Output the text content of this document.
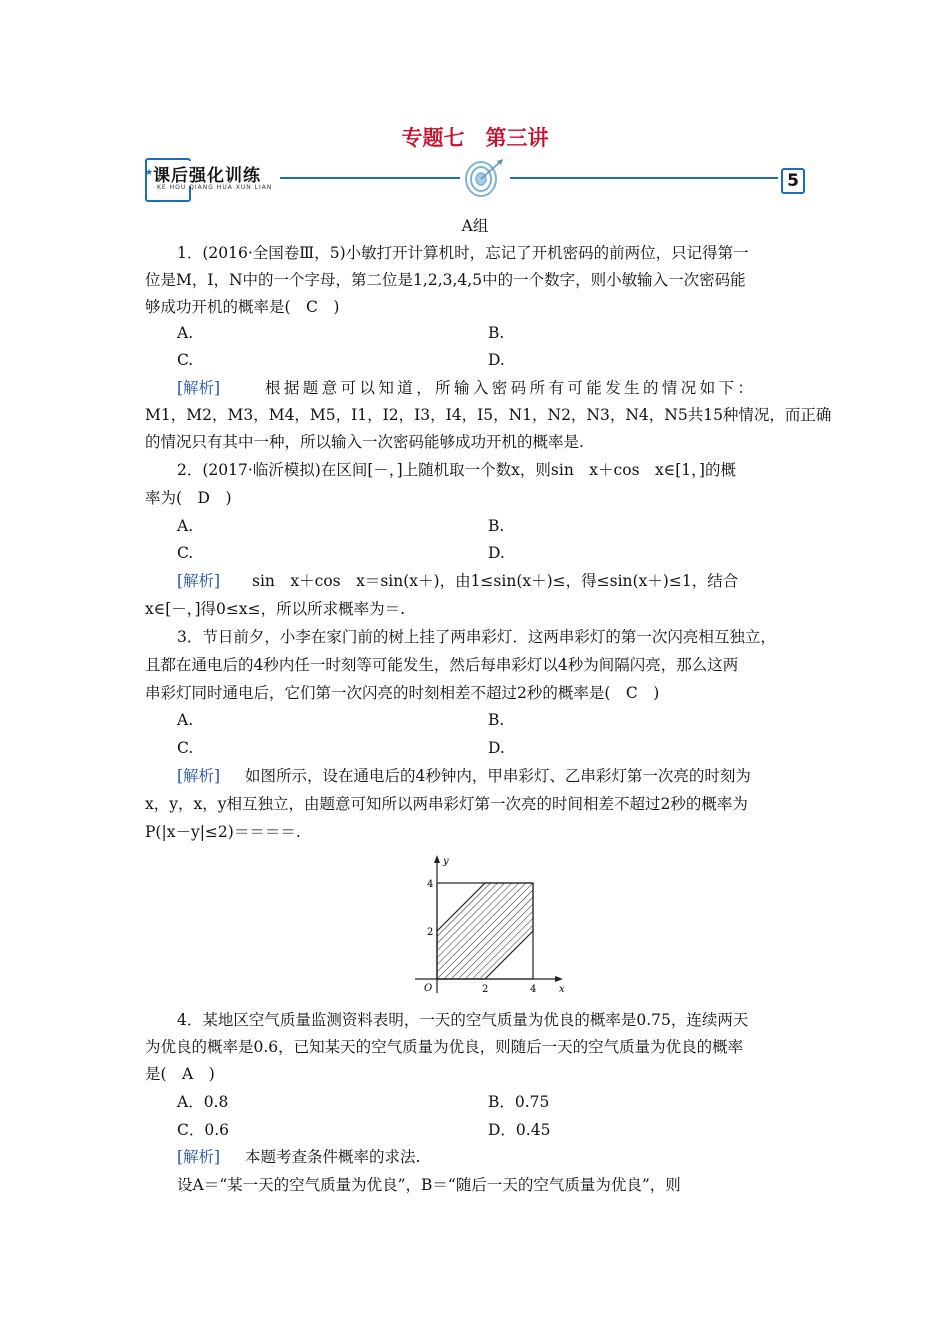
专题七　第三讲
★ 课后强化训练
KE HOU QIANG HUA XUN LIAN	5
A组
1．(2016·全国卷Ⅲ，5)小敏打开计算机时，忘记了开机密码的前两位，只记得第一
位是M，I，N中的一个字母，第二位是1,2,3,4,5中的一个数字，则小敏输入一次密码能
够成功开机的概率是(　C　)
A.	B.
C.	D.
[解析]	根据题意可以知道，所输入密码所有可能发生的情况如下：
M1，M2，M3，M4，M5，I1，I2，I3，I4，I5，N1，N2，N3，N4，N5共15种情况，而正确
的情况只有其中一种，所以输入一次密码能够成功开机的概率是.
2．(2017·临沂模拟)在区间[－，]上随机取一个数x，则sin　x＋cos　x∈[1，]的概
率为(　D　)
A.	B.
C.	D.
[解析] sin　x＋cos　x＝sin(x＋)，由1≤sin(x＋)≤，得≤sin(x＋)≤1，结合
x∈[－，]得0≤x≤，所以所求概率为＝.
3．节日前夕，小李在家门前的树上挂了两串彩灯．这两串彩灯的第一次闪亮相互独立，
且都在通电后的4秒内任一时刻等可能发生，然后每串彩灯以4秒为间隔闪亮，那么这两
串彩灯同时通电后，它们第一次闪亮的时刻相差不超过2秒的概率是(　C　)
A.	B.
C.	D.
[解析] 如图所示，设在通电后的4秒钟内，甲串彩灯、乙串彩灯第一次亮的时刻为
x，y，x，y相互独立，由题意可知所以两串彩灯第一次亮的时间相差不超过2秒的概率为
P(|x－y|≤2)＝＝＝＝.
y
x
O
4
2
2	4
4．某地区空气质量监测资料表明，一天的空气质量为优良的概率是0.75，连续两天
为优良的概率是0.6，已知某天的空气质量为优良，则随后一天的空气质量为优良的概率
是(　A　)
A．0.8	B．0.75
C．0.6	D．0.45
[解析] 本题考查条件概率的求法.
设A＝“某一天的空气质量为优良”，B＝“随后一天的空气质量为优良”，则
